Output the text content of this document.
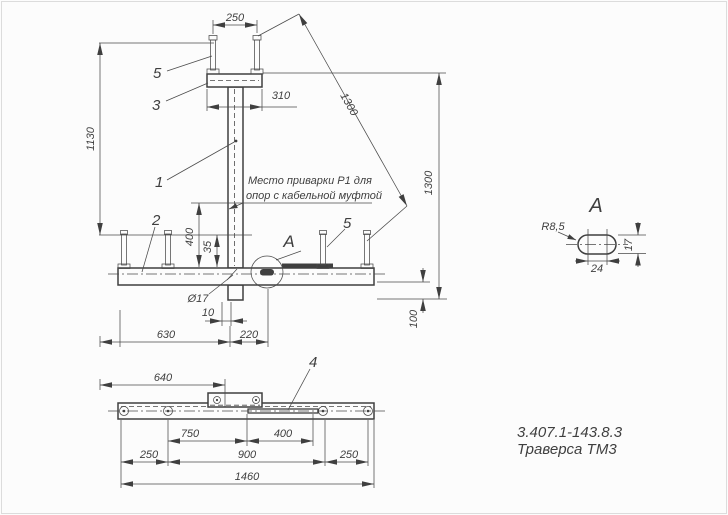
А
250
310
1130
1300
1300
Место приварки Р1 для
опор с кабельной муфтой
400
35
Ø17
10
630	220
100
5
3
1
2	5
4
640
750	400
250	900	250
1460
А
R8,5
17
24
3.407.1-143.8.3
Траверса ТМ3
